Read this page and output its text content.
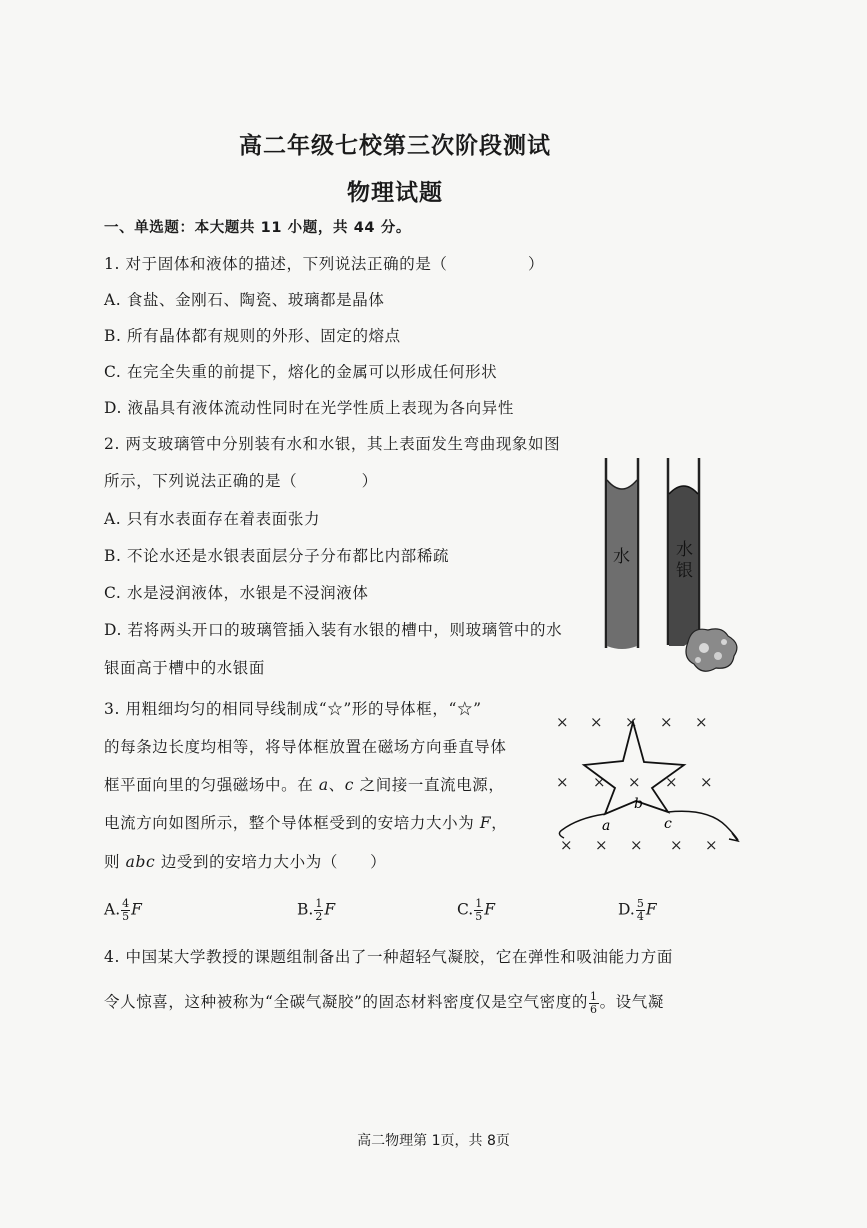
高二年级七校第三次阶段测试
物理试题
一、单选题：本大题共 11 小题，共 44 分。
1. 对于固体和液体的描述，下列说法正确的是（　　　　　）
A. 食盐、金刚石、陶瓷、玻璃都是晶体
B. 所有晶体都有规则的外形、固定的熔点
C. 在完全失重的前提下，熔化的金属可以形成任何形状
D. 液晶具有液体流动性同时在光学性质上表现为各向异性
2. 两支玻璃管中分别装有水和水银，其上表面发生弯曲现象如图
所示，下列说法正确的是（　　　　）
A. 只有水表面存在着表面张力
B. 不论水还是水银表面层分子分布都比内部稀疏
C. 水是浸润液体，水银是不浸润液体
D. 若将两头开口的玻璃管插入装有水银的槽中，则玻璃管中的水
银面高于槽中的水银面
水	水
银
3. 用粗细均匀的相同导线制成“☆”形的导体框，“☆”
的每条边长度均相等，将导体框放置在磁场方向垂直导体
框平面向里的匀强磁场中。在 a、c 之间接一直流电源，
电流方向如图所示，整个导体框受到的安培力大小为 F，
则 abc 边受到的安培力大小为（　　）
A. $\frac{4}{5}$ F	B. $\frac{1}{2}$ F	C. $\frac{1}{5}$ F	D. $\frac{5}{4}$ F
× × × × ×
× × × × ×
× × × × ×
a
b
c
4. 中国某大学教授的课题组制备出了一种超轻气凝胶，它在弹性和吸油能力方面
令人惊喜，这种被称为“全碳气凝胶”的固态材料密度仅是空气密度的 $\frac{1}{6}$ 。设气凝
高二物理第 1页，共 8页
